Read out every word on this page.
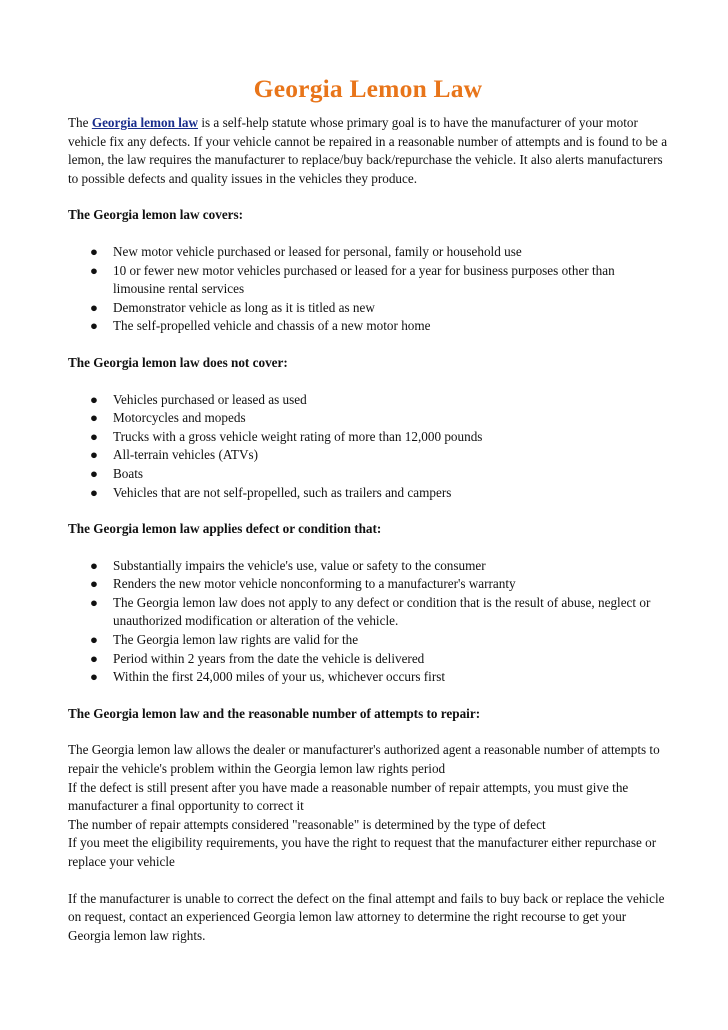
Georgia Lemon Law

The Georgia lemon law is a self-help statute whose primary goal is to have the manufacturer of your motor vehicle fix any defects. If your vehicle cannot be repaired in a reasonable number of attempts and is found to be a lemon, the law requires the manufacturer to replace/buy back/repurchase the vehicle. It also alerts manufacturers to possible defects and quality issues in the vehicles they produce.

The Georgia lemon law covers:

● New motor vehicle purchased or leased for personal, family or household use
● 10 or fewer new motor vehicles purchased or leased for a year for business purposes other than limousine rental services
● Demonstrator vehicle as long as it is titled as new
● The self-propelled vehicle and chassis of a new motor home

The Georgia lemon law does not cover:

● Vehicles purchased or leased as used
● Motorcycles and mopeds
● Trucks with a gross vehicle weight rating of more than 12,000 pounds
● All-terrain vehicles (ATVs)
● Boats
● Vehicles that are not self-propelled, such as trailers and campers

The Georgia lemon law applies defect or condition that:

● Substantially impairs the vehicle's use, value or safety to the consumer
● Renders the new motor vehicle nonconforming to a manufacturer's warranty
● The Georgia lemon law does not apply to any defect or condition that is the result of abuse, neglect or unauthorized modification or alteration of the vehicle.
● The Georgia lemon law rights are valid for the
● Period within 2 years from the date the vehicle is delivered
● Within the first 24,000 miles of your us, whichever occurs first

The Georgia lemon law and the reasonable number of attempts to repair:

The Georgia lemon law allows the dealer or manufacturer's authorized agent a reasonable number of attempts to repair the vehicle's problem within the Georgia lemon law rights period
If the defect is still present after you have made a reasonable number of repair attempts, you must give the manufacturer a final opportunity to correct it
The number of repair attempts considered "reasonable" is determined by the type of defect
If you meet the eligibility requirements, you have the right to request that the manufacturer either repurchase or replace your vehicle

If the manufacturer is unable to correct the defect on the final attempt and fails to buy back or replace the vehicle on request, contact an experienced Georgia lemon law attorney to determine the right recourse to get your Georgia lemon law rights.
